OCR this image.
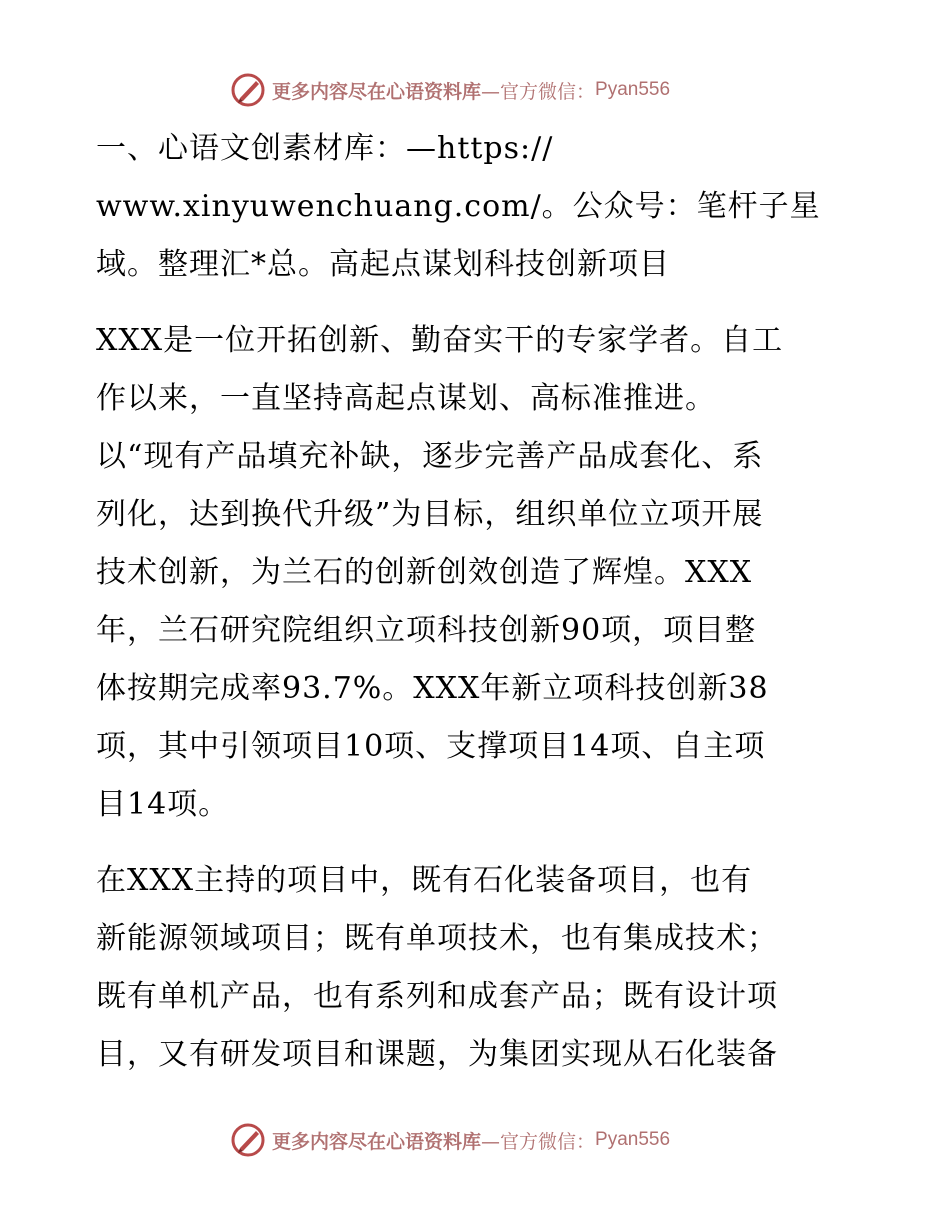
更多内容尽在心语资料库 —官方微信： Pyan556
一、心语文创素材库：—https://
www.xinyuwenchuang.com/。公众号：笔杆子星
域。整理汇*总。高起点谋划科技创新项目
XXX是一位开拓创新、勤奋实干的专家学者。自工
作以来，一直坚持高起点谋划、高标准推进。
以“现有产品填充补缺，逐步完善产品成套化、系
列化，达到换代升级”为目标，组织单位立项开展
技术创新，为兰石的创新创效创造了辉煌。XXX
年，兰石研究院组织立项科技创新90项，项目整
体按期完成率93.7%。XXX年新立项科技创新38
项，其中引领项目10项、支撑项目14项、自主项
目14项。
在XXX主持的项目中，既有石化装备项目，也有
新能源领域项目；既有单项技术，也有集成技术；
既有单机产品，也有系列和成套产品；既有设计项
目，又有研发项目和课题，为集团实现从石化装备
更多内容尽在心语资料库 —官方微信： Pyan556
